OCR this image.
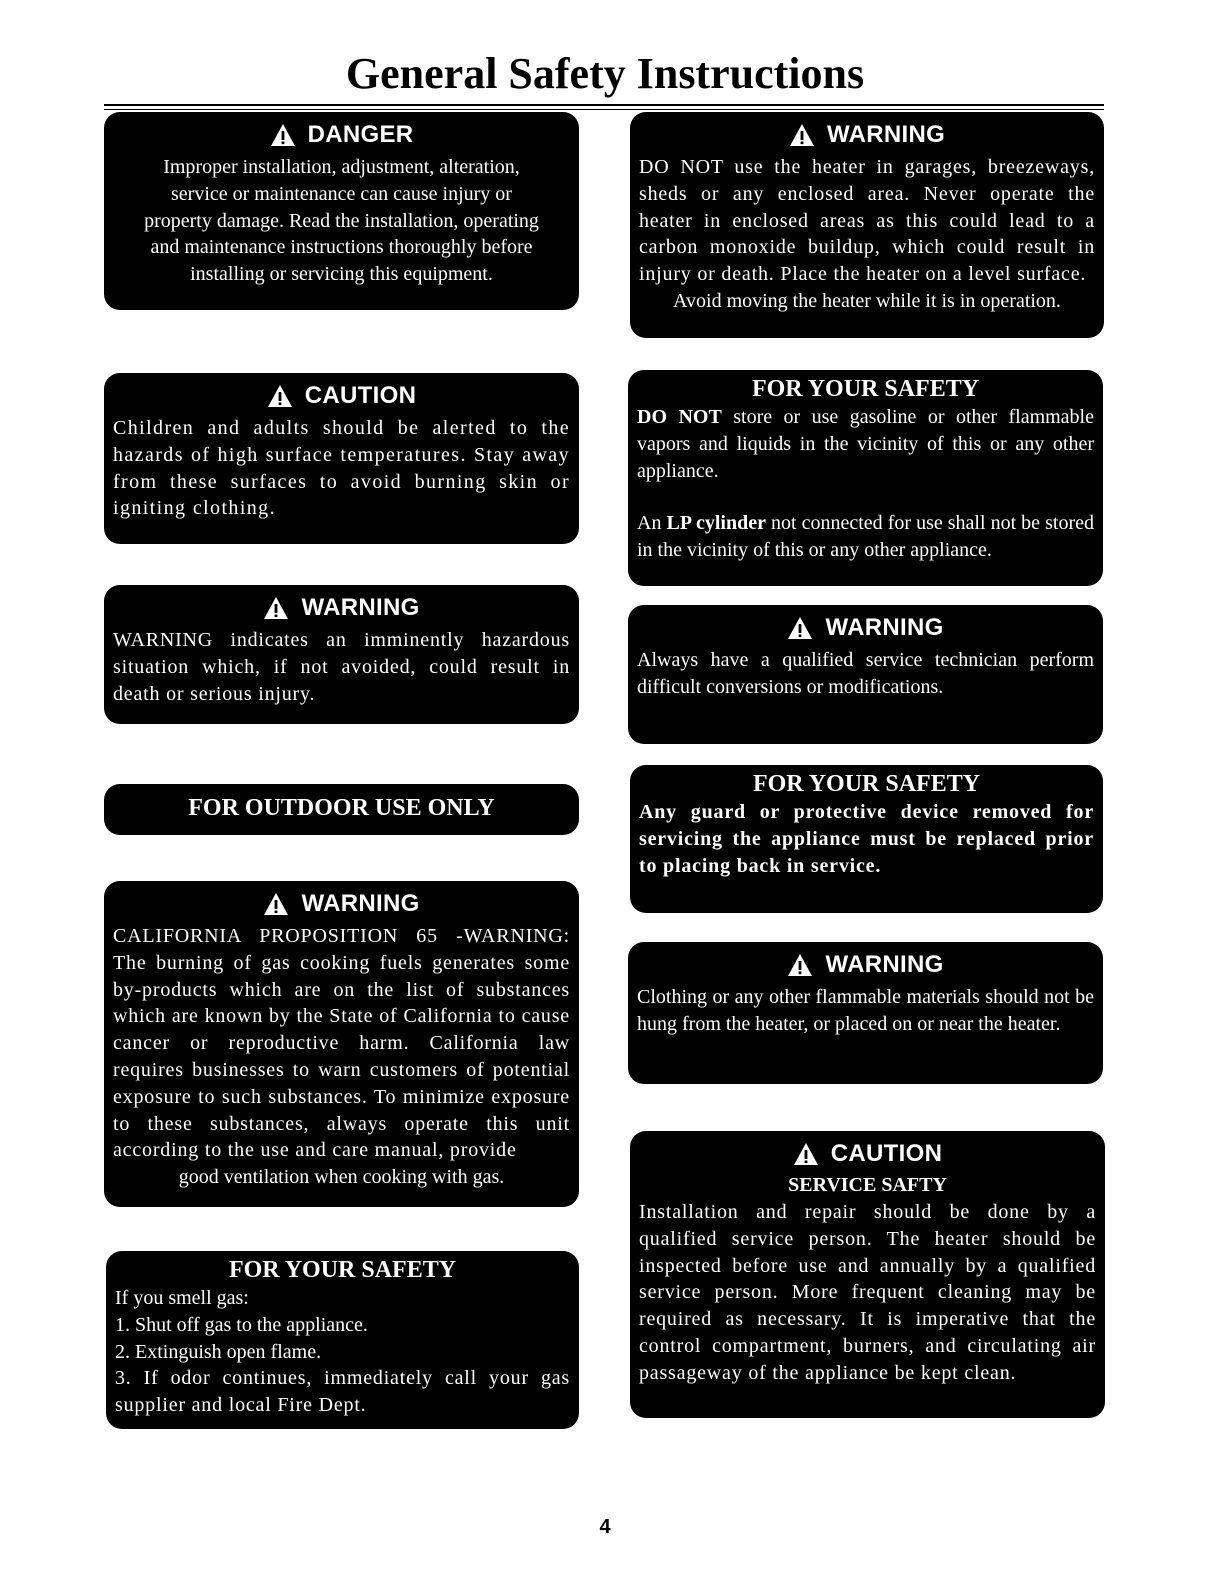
General Safety Instructions
DANGER

Improper installation, adjustment, alteration,

service or maintenance can cause injury or

property damage. Read the installation, operating

and maintenance instructions thoroughly before

installing or servicing this equipment.

CAUTION

Children and adults should be alerted to the hazards of high surface temperatures. Stay away from these surfaces to avoid burning skin or igniting clothing.

WARNING

WARNING indicates an imminently hazardous situation which, if not avoided, could result in death or serious injury.

FOR OUTDOOR USE ONLY
WARNING

CALIFORNIA PROPOSITION 65 -WARNING: The burning of gas cooking fuels generates some by-products which are on the list of substances which are known by the State of California to cause cancer or reproductive harm. California law requires businesses to warn customers of potential exposure to such substances. To minimize exposure to these substances, always operate this unit according to the use and care manual, provide

good ventilation when cooking with gas.

FOR YOUR SAFETY

If you smell gas:

1. Shut off gas to the appliance.

2. Extinguish open flame.

3. If odor continues, immediately call your gas supplier and local Fire Dept.

WARNING

DO NOT use the heater in garages, breezeways, sheds or any enclosed area. Never operate the heater in enclosed areas as this could lead to a carbon monoxide buildup, which could result in injury or death. Place the heater on a level surface.

Avoid moving the heater while it is in operation.

FOR YOUR SAFETY

DO NOT store or use gasoline or other flammable vapors and liquids in the vicinity of this or any other appliance.

An LP cylinder not connected for use shall not be stored in the vicinity of this or any other appliance.

WARNING

Always have a qualified service technician perform difficult conversions or modifications.

FOR YOUR SAFETY

Any guard or protective device removed for servicing the appliance must be replaced prior to placing back in service.

WARNING

Clothing or any other flammable materials should not be hung from the heater, or placed on or near the heater.

CAUTION
SERVICE SAFTY

Installation and repair should be done by a qualified service person. The heater should be inspected before use and annually by a qualified service person. More frequent cleaning may be required as necessary. It is imperative that the control compartment, burners, and circulating air passageway of the appliance be kept clean.

4
